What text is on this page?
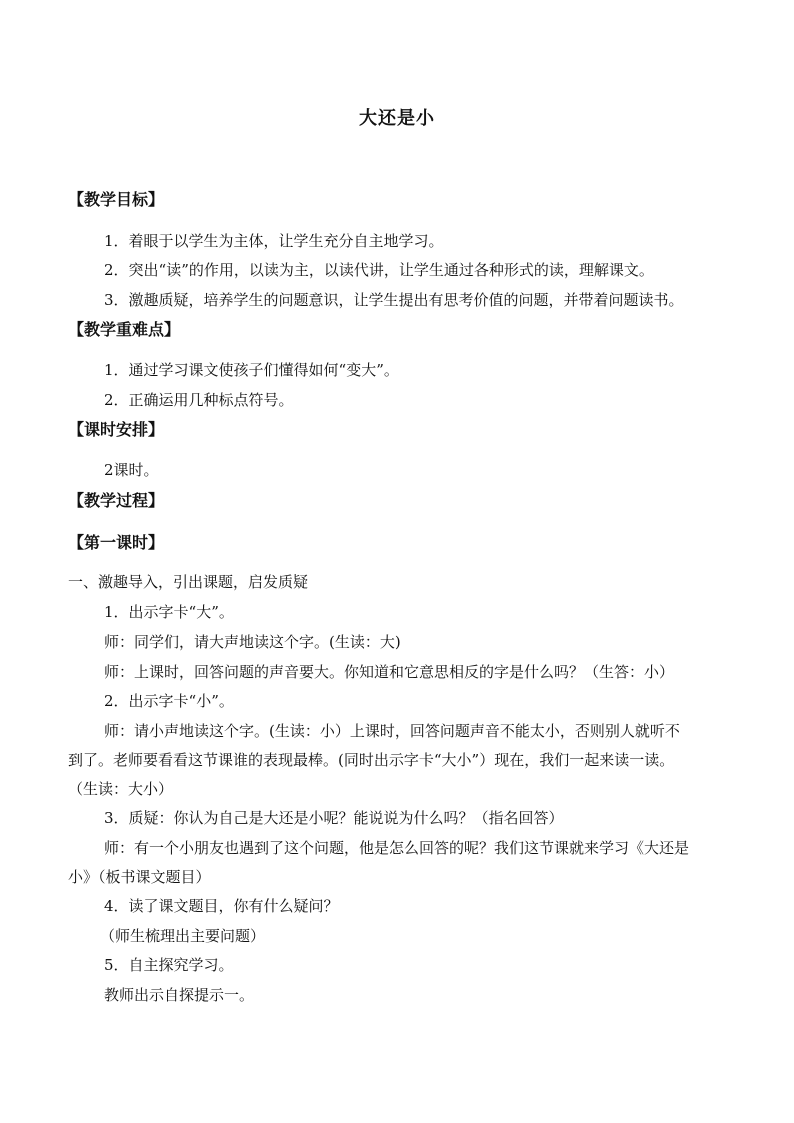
大还是小
【教学目标】
1．着眼于以学生为主体，让学生充分自主地学习。
2．突出“读”的作用，以读为主，以读代讲，让学生通过各种形式的读，理解课文。
3．激趣质疑，培养学生的问题意识，让学生提出有思考价值的问题，并带着问题读书。
【教学重难点】
1．通过学习课文使孩子们懂得如何“变大”。
2．正确运用几种标点符号。
【课时安排】
2课时。
【教学过程】
【第一课时】
一、激趣导入，引出课题，启发质疑
1．出示字卡“大”。
师：同学们，请大声地读这个字。(生读：大)
师：上课时，回答问题的声音要大。你知道和它意思相反的字是什么吗？（生答：小）
2．出示字卡“小”。
师：请小声地读这个字。(生读：小）上课时，回答问题声音不能太小，否则别人就听不
到了。老师要看看这节课谁的表现最棒。(同时出示字卡“大小”）现在，我们一起来读一读。
（生读：大小）
3．质疑：你认为自己是大还是小呢？能说说为什么吗？（指名回答）
师：有一个小朋友也遇到了这个问题，他是怎么回答的呢？我们这节课就来学习《大还是
小》（板书课文题目）
4．读了课文题目，你有什么疑问？
（师生梳理出主要问题）
5．自主探究学习。
教师出示自探提示一。
